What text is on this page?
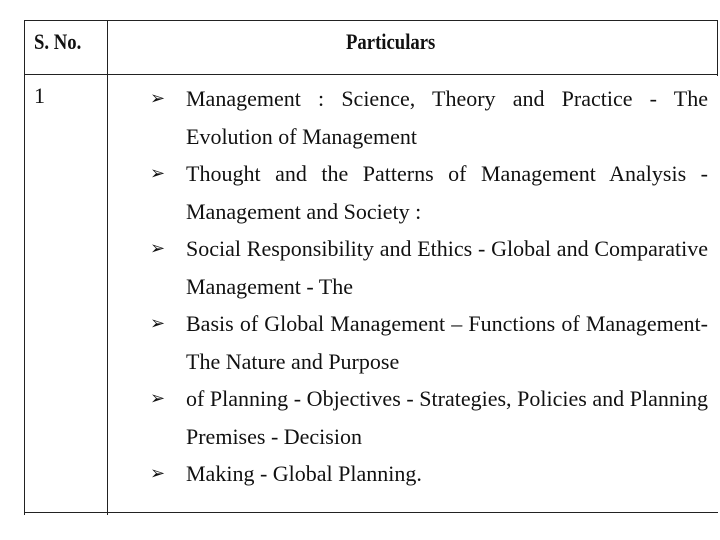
S. No.	Particulars
1	➢ Management : Science, Theory and Practice - The Evolution of Management
➢ Thought and the Patterns of Management Analysis - Management and Society :
➢ Social Responsibility and Ethics - Global and Comparative Management - The
➢ Basis of Global Management – Functions of Management-The Nature and Purpose
➢ of Planning - Objectives - Strategies, Policies and Planning Premises - Decision
➢ Making - Global Planning.
